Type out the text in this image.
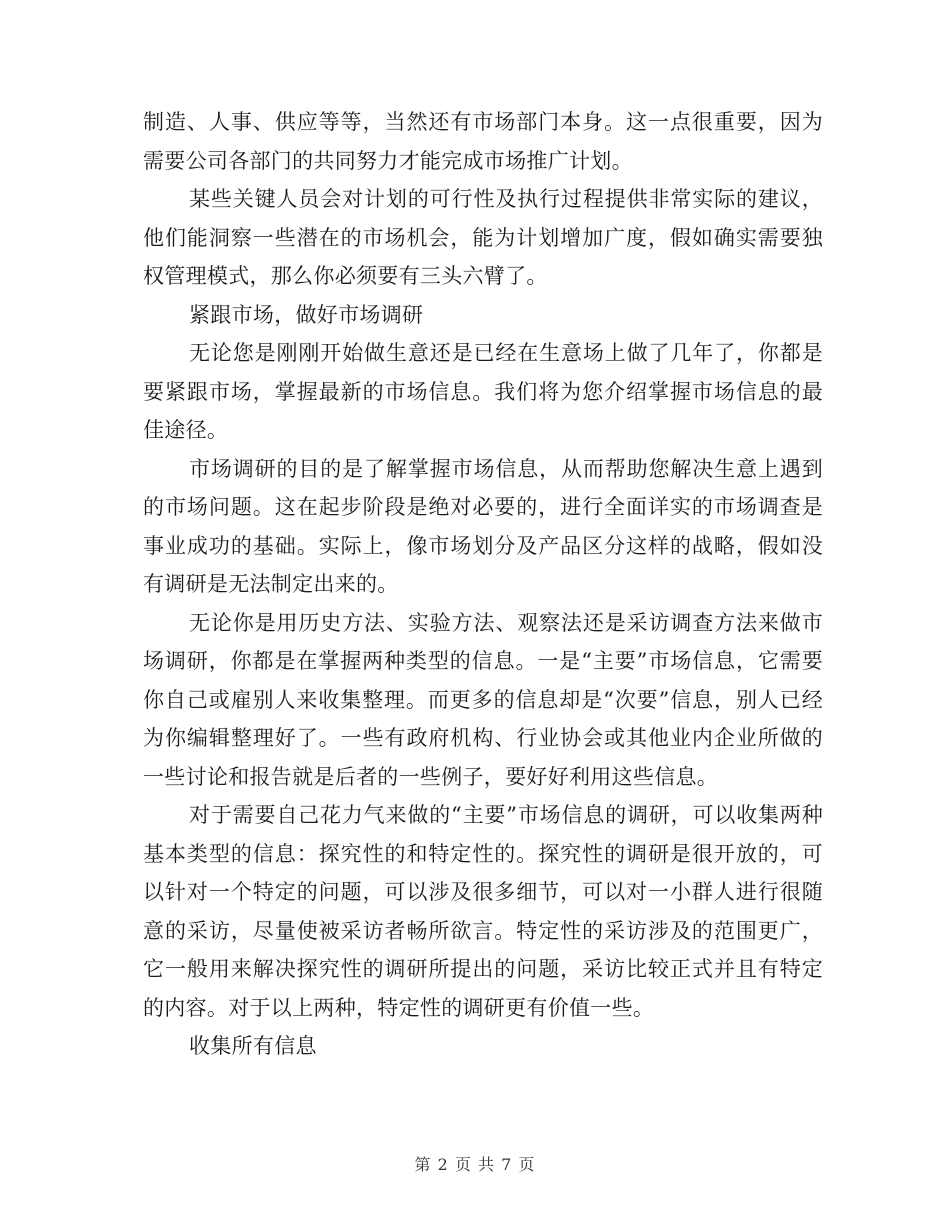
制造、人事、供应等等，当然还有市场部门本身。这一点很重要，因为需要公司各部门的共同努力才能完成市场推广计划。

某些关键人员会对计划的可行性及执行过程提供非常实际的建议，他们能洞察一些潜在的市场机会，能为计划增加广度，假如确实需要独权管理模式，那么你必须要有三头六臂了。

紧跟市场，做好市场调研

无论您是刚刚开始做生意还是已经在生意场上做了几年了，你都是要紧跟市场，掌握最新的市场信息。我们将为您介绍掌握市场信息的最佳途径。

市场调研的目的是了解掌握市场信息，从而帮助您解决生意上遇到的市场问题。这在起步阶段是绝对必要的，进行全面详实的市场调查是事业成功的基础。实际上，像市场划分及产品区分这样的战略，假如没有调研是无法制定出来的。

无论你是用历史方法、实验方法、观察法还是采访调查方法来做市场调研，你都是在掌握两种类型的信息。一是“主要”市场信息，它需要你自己或雇别人来收集整理。而更多的信息却是“次要”信息，别人已经为你编辑整理好了。一些有政府机构、行业协会或其他业内企业所做的一些讨论和报告就是后者的一些例子，要好好利用这些信息。

对于需要自己花力气来做的“主要”市场信息的调研，可以收集两种基本类型的信息：探究性的和特定性的。探究性的调研是很开放的，可以针对一个特定的问题，可以涉及很多细节，可以对一小群人进行很随意的采访，尽量使被采访者畅所欲言。特定性的采访涉及的范围更广，它一般用来解决探究性的调研所提出的问题，采访比较正式并且有特定的内容。对于以上两种，特定性的调研更有价值一些。

收集所有信息

第 2 页 共 7 页
